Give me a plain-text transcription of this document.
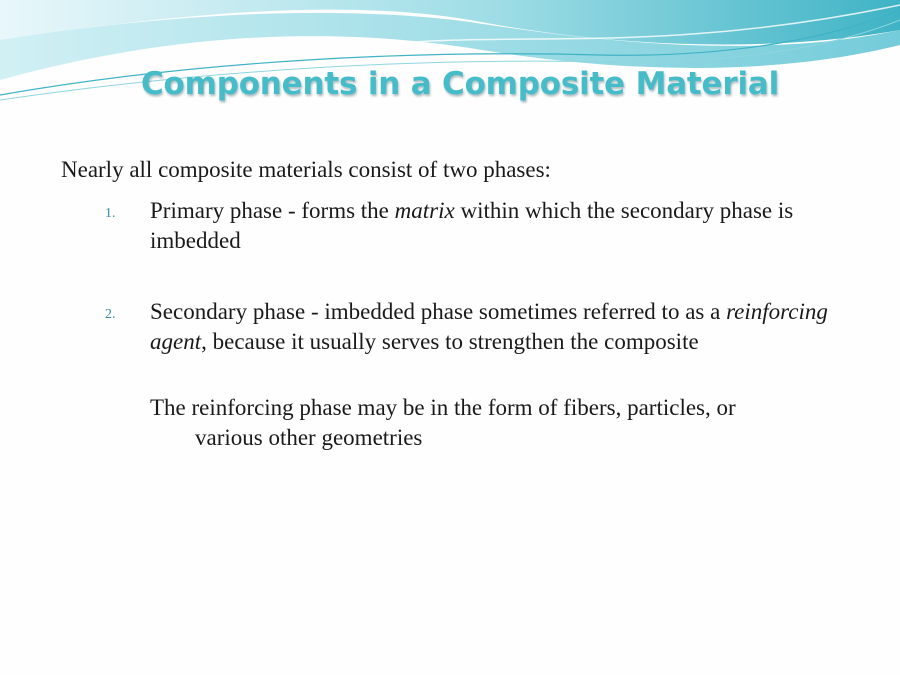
Components in a Composite Material

Nearly all composite materials consist of two phases:

1. Primary phase - forms the matrix within which the secondary phase is imbedded

2. Secondary phase - imbedded phase sometimes referred to as a reinforcing agent, because it usually serves to strengthen the composite

The reinforcing phase may be in the form of fibers, particles, or
various other geometries
